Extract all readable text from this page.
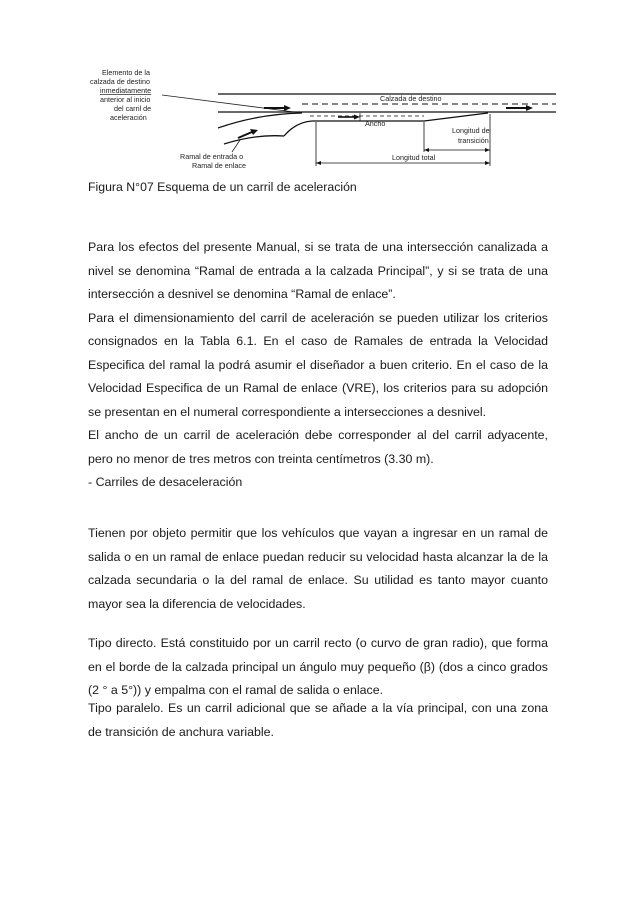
Elemento de la
calzada de destino
inmediatamente
anterior al inicio
del carril de
aceleración
Calzada de destino
Ancho
Longitud de
transición
Longitud total
Ramal de entrada o
Ramal de enlace
Figura N°07 Esquema de un carril de aceleración

Para los efectos del presente Manual, si se trata de una intersección canalizada a nivel se denomina “Ramal de entrada a la calzada Principal”, y si se trata de una intersección a desnivel se denomina “Ramal de enlace”.

Para el dimensionamiento del carril de aceleración se pueden utilizar los criterios consignados en la Tabla 6.1. En el caso de Ramales de entrada la Velocidad Especifica del ramal la podrá asumir el diseñador a buen criterio. En el caso de la Velocidad Especifica de un Ramal de enlace (VRE), los criterios para su adopción se presentan en el numeral correspondiente a intersecciones a desnivel.

El ancho de un carril de aceleración debe corresponder al del carril adyacente, pero no menor de tres metros con treinta centímetros (3.30 m).

- Carriles de desaceleración

Tienen por objeto permitir que los vehículos que vayan a ingresar en un ramal de salida o en un ramal de enlace puedan reducir su velocidad hasta alcanzar la de la calzada secundaria o la del ramal de enlace. Su utilidad es tanto mayor cuanto mayor sea la diferencia de velocidades.

Tipo directo. Está constituido por un carril recto (o curvo de gran radio), que forma en el borde de la calzada principal un ángulo muy pequeño (β) (dos a cinco grados (2 ° a 5°)) y empalma con el ramal de salida o enlace.

Tipo paralelo. Es un carril adicional que se añade a la vía principal, con una zona de transición de anchura variable.
